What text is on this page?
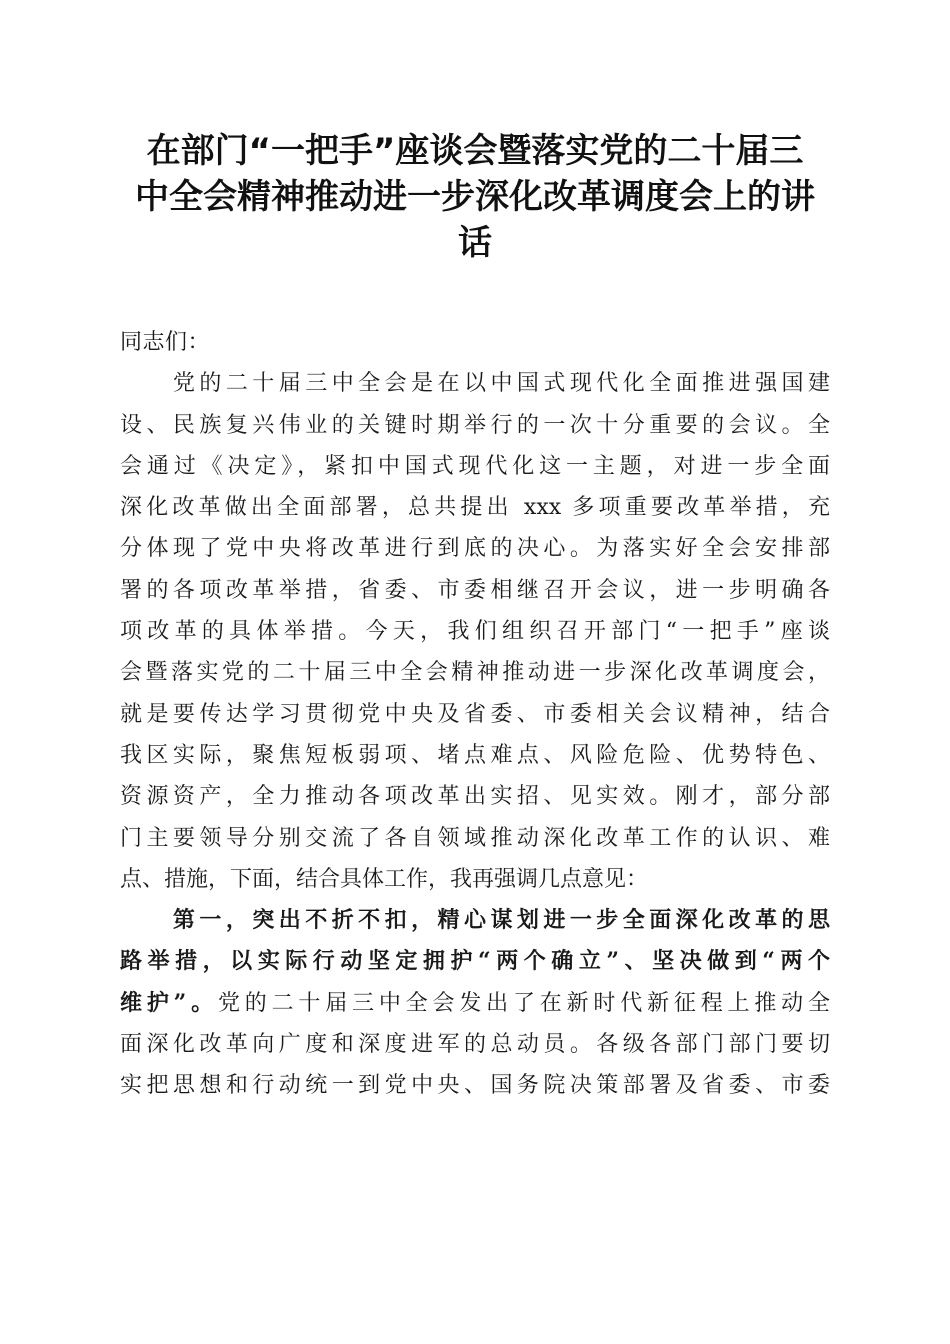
在部门“一把手”座谈会暨落实党的二十届三
中全会精神推动进一步深化改革调度会上的讲
话

同志们：

　　党的二十届三中全会是在以中国式现代化全面推进强国建
设、民族复兴伟业的关键时期举行的一次十分重要的会议。全
会通过《决定》，紧扣中国式现代化这一主题，对进一步全面
深化改革做出全面部署，总共提出 xxx 多项重要改革举措，充
分体现了党中央将改革进行到底的决心。为落实好全会安排部
署的各项改革举措，省委、市委相继召开会议，进一步明确各
项改革的具体举措。今天，我们组织召开部门“一把手”座谈
会暨落实党的二十届三中全会精神推动进一步深化改革调度会，
就是要传达学习贯彻党中央及省委、市委相关会议精神，结合
我区实际，聚焦短板弱项、堵点难点、风险危险、优势特色、
资源资产，全力推动各项改革出实招、见实效。刚才，部分部
门主要领导分别交流了各自领域推动深化改革工作的认识、难
点、措施，下面，结合具体工作，我再强调几点意见：

　　第一，突出不折不扣，精心谋划进一步全面深化改革的思
路举措，以实际行动坚定拥护“两个确立”、坚决做到“两个
维护”。党的二十届三中全会发出了在新时代新征程上推动全
面深化改革向广度和深度进军的总动员。各级各部门部门要切
实把思想和行动统一到党中央、国务院决策部署及省委、市委
